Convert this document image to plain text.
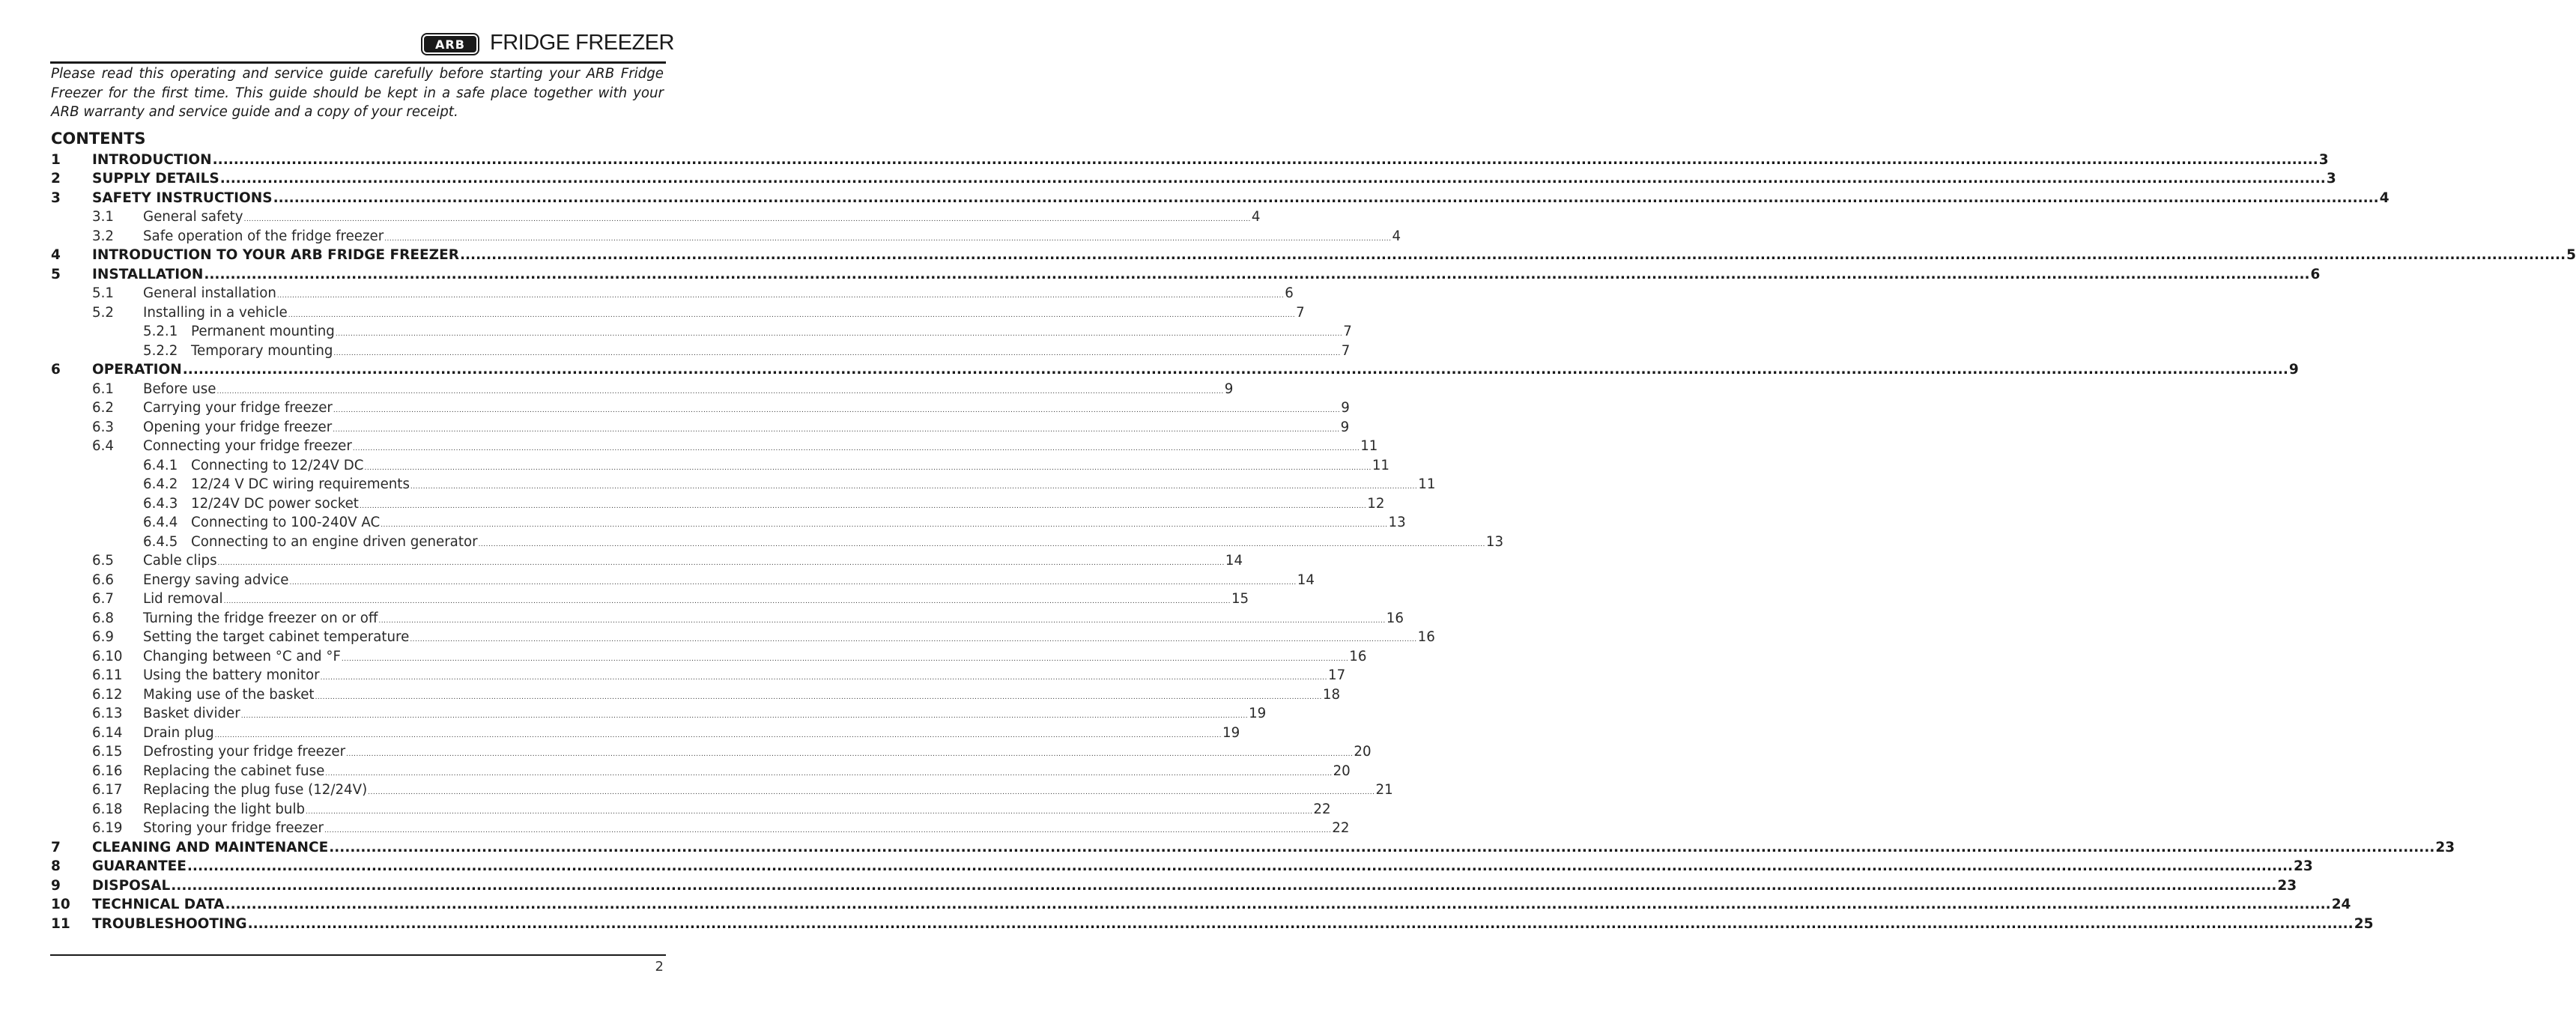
ARB	FRIDGE FREEZER

Please read this operating and service guide carefully before starting your ARB Fridge Freezer for the first time. This guide should be kept in a safe place together with your ARB warranty and service guide and a copy of your receipt.

CONTENTS
1 INTRODUCTION ................................................................................................................................................................................................................................................................................................................................................................................................................ 3
2 SUPPLY DETAILS ................................................................................................................................................................................................................................................................................................................................................................................................................ 3
3 SAFETY INSTRUCTIONS ................................................................................................................................................................................................................................................................................................................................................................................................................ 4
3.1 General safety ................................................................................................................................................................................................................................................................................................................................................................................................................ 4
3.2 Safe operation of the fridge freezer ................................................................................................................................................................................................................................................................................................................................................................................................................ 4
4 INTRODUCTION TO YOUR ARB FRIDGE FREEZER ................................................................................................................................................................................................................................................................................................................................................................................................................ 5
5 INSTALLATION ................................................................................................................................................................................................................................................................................................................................................................................................................ 6
5.1 General installation ................................................................................................................................................................................................................................................................................................................................................................................................................ 6
5.2 Installing in a vehicle ................................................................................................................................................................................................................................................................................................................................................................................................................ 7
5.2.1 Permanent mounting ................................................................................................................................................................................................................................................................................................................................................................................................................ 7
5.2.2 Temporary mounting ................................................................................................................................................................................................................................................................................................................................................................................................................ 7
6 OPERATION ................................................................................................................................................................................................................................................................................................................................................................................................................ 9
6.1 Before use ................................................................................................................................................................................................................................................................................................................................................................................................................ 9
6.2 Carrying your fridge freezer ................................................................................................................................................................................................................................................................................................................................................................................................................ 9
6.3 Opening your fridge freezer ................................................................................................................................................................................................................................................................................................................................................................................................................ 9
6.4 Connecting your fridge freezer ................................................................................................................................................................................................................................................................................................................................................................................................................ 11
6.4.1 Connecting to 12/24V DC ................................................................................................................................................................................................................................................................................................................................................................................................................ 11
6.4.2 12/24 V DC wiring requirements ................................................................................................................................................................................................................................................................................................................................................................................................................ 11
6.4.3 12/24V DC power socket ................................................................................................................................................................................................................................................................................................................................................................................................................ 12
6.4.4 Connecting to 100-240V AC ................................................................................................................................................................................................................................................................................................................................................................................................................ 13
6.4.5 Connecting to an engine driven generator ................................................................................................................................................................................................................................................................................................................................................................................................................ 13
6.5 Cable clips ................................................................................................................................................................................................................................................................................................................................................................................................................ 14
6.6 Energy saving advice ................................................................................................................................................................................................................................................................................................................................................................................................................ 14
6.7 Lid removal ................................................................................................................................................................................................................................................................................................................................................................................................................ 15
6.8 Turning the fridge freezer on or off ................................................................................................................................................................................................................................................................................................................................................................................................................ 16
6.9 Setting the target cabinet temperature ................................................................................................................................................................................................................................................................................................................................................................................................................ 16
6.10 Changing between °C and °F ................................................................................................................................................................................................................................................................................................................................................................................................................ 16
6.11 Using the battery monitor ................................................................................................................................................................................................................................................................................................................................................................................................................ 17
6.12 Making use of the basket ................................................................................................................................................................................................................................................................................................................................................................................................................ 18
6.13 Basket divider ................................................................................................................................................................................................................................................................................................................................................................................................................ 19
6.14 Drain plug ................................................................................................................................................................................................................................................................................................................................................................................................................ 19
6.15 Defrosting your fridge freezer ................................................................................................................................................................................................................................................................................................................................................................................................................ 20
6.16 Replacing the cabinet fuse ................................................................................................................................................................................................................................................................................................................................................................................................................ 20
6.17 Replacing the plug fuse (12/24V) ................................................................................................................................................................................................................................................................................................................................................................................................................ 21
6.18 Replacing the light bulb ................................................................................................................................................................................................................................................................................................................................................................................................................ 22
6.19 Storing your fridge freezer ................................................................................................................................................................................................................................................................................................................................................................................................................ 22
7 CLEANING AND MAINTENANCE ................................................................................................................................................................................................................................................................................................................................................................................................................ 23
8 GUARANTEE ................................................................................................................................................................................................................................................................................................................................................................................................................ 23
9 DISPOSAL ................................................................................................................................................................................................................................................................................................................................................................................................................ 23
10 TECHNICAL DATA ................................................................................................................................................................................................................................................................................................................................................................................................................ 24
11 TROUBLESHOOTING ................................................................................................................................................................................................................................................................................................................................................................................................................ 25
2
